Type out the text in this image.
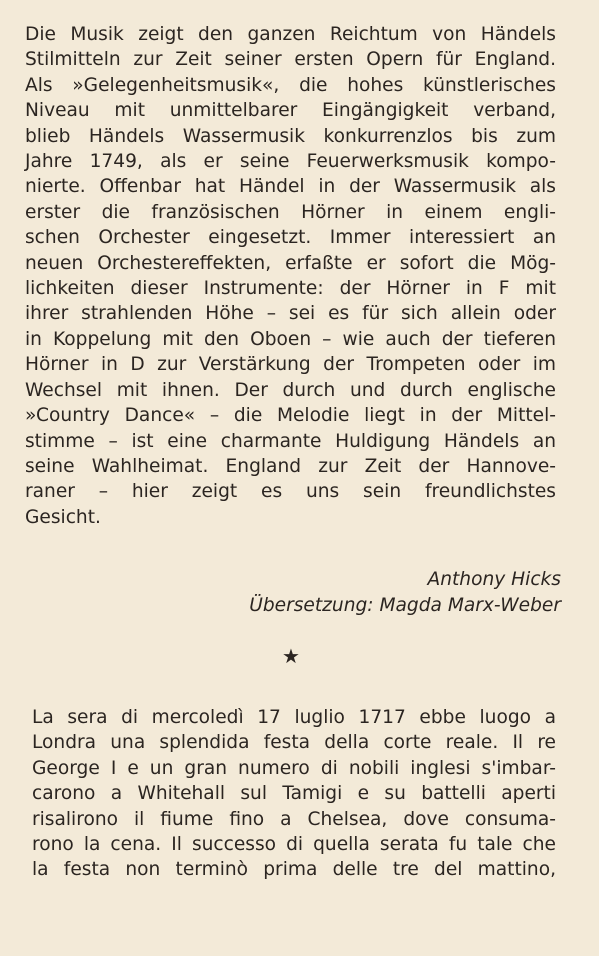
Die Musik zeigt den ganzen Reichtum von Händels
Stilmitteln zur Zeit seiner ersten Opern für England.
Als »Gelegenheitsmusik«, die hohes künstlerisches
Niveau mit unmittelbarer Eingängigkeit verband,
blieb Händels Wassermusik konkurrenzlos bis zum
Jahre 1749, als er seine Feuerwerksmusik kompo-
nierte. Offenbar hat Händel in der Wassermusik als
erster die französischen Hörner in einem engli-
schen Orchester eingesetzt. Immer interessiert an
neuen Orchestereffekten, erfaßte er sofort die Mög-
lichkeiten dieser Instrumente: der Hörner in F mit
ihrer strahlenden Höhe – sei es für sich allein oder
in Koppelung mit den Oboen – wie auch der tieferen
Hörner in D zur Verstärkung der Trompeten oder im
Wechsel mit ihnen. Der durch und durch englische
»Country Dance« – die Melodie liegt in der Mittel-
stimme – ist eine charmante Huldigung Händels an
seine Wahlheimat. England zur Zeit der Hannove-
raner – hier zeigt es uns sein freundlichstes
Gesicht.

Anthony Hicks

Übersetzung: Magda Marx-Weber

★
La sera di mercoledì 17 luglio 1717 ebbe luogo a
Londra una splendida festa della corte reale. Il re
George I e un gran numero di nobili inglesi s'imbar-
carono a Whitehall sul Tamigi e su battelli aperti
risalirono il fiume fino a Chelsea, dove consuma-
rono la cena. Il successo di quella serata fu tale che
la festa non terminò prima delle tre del mattino,
